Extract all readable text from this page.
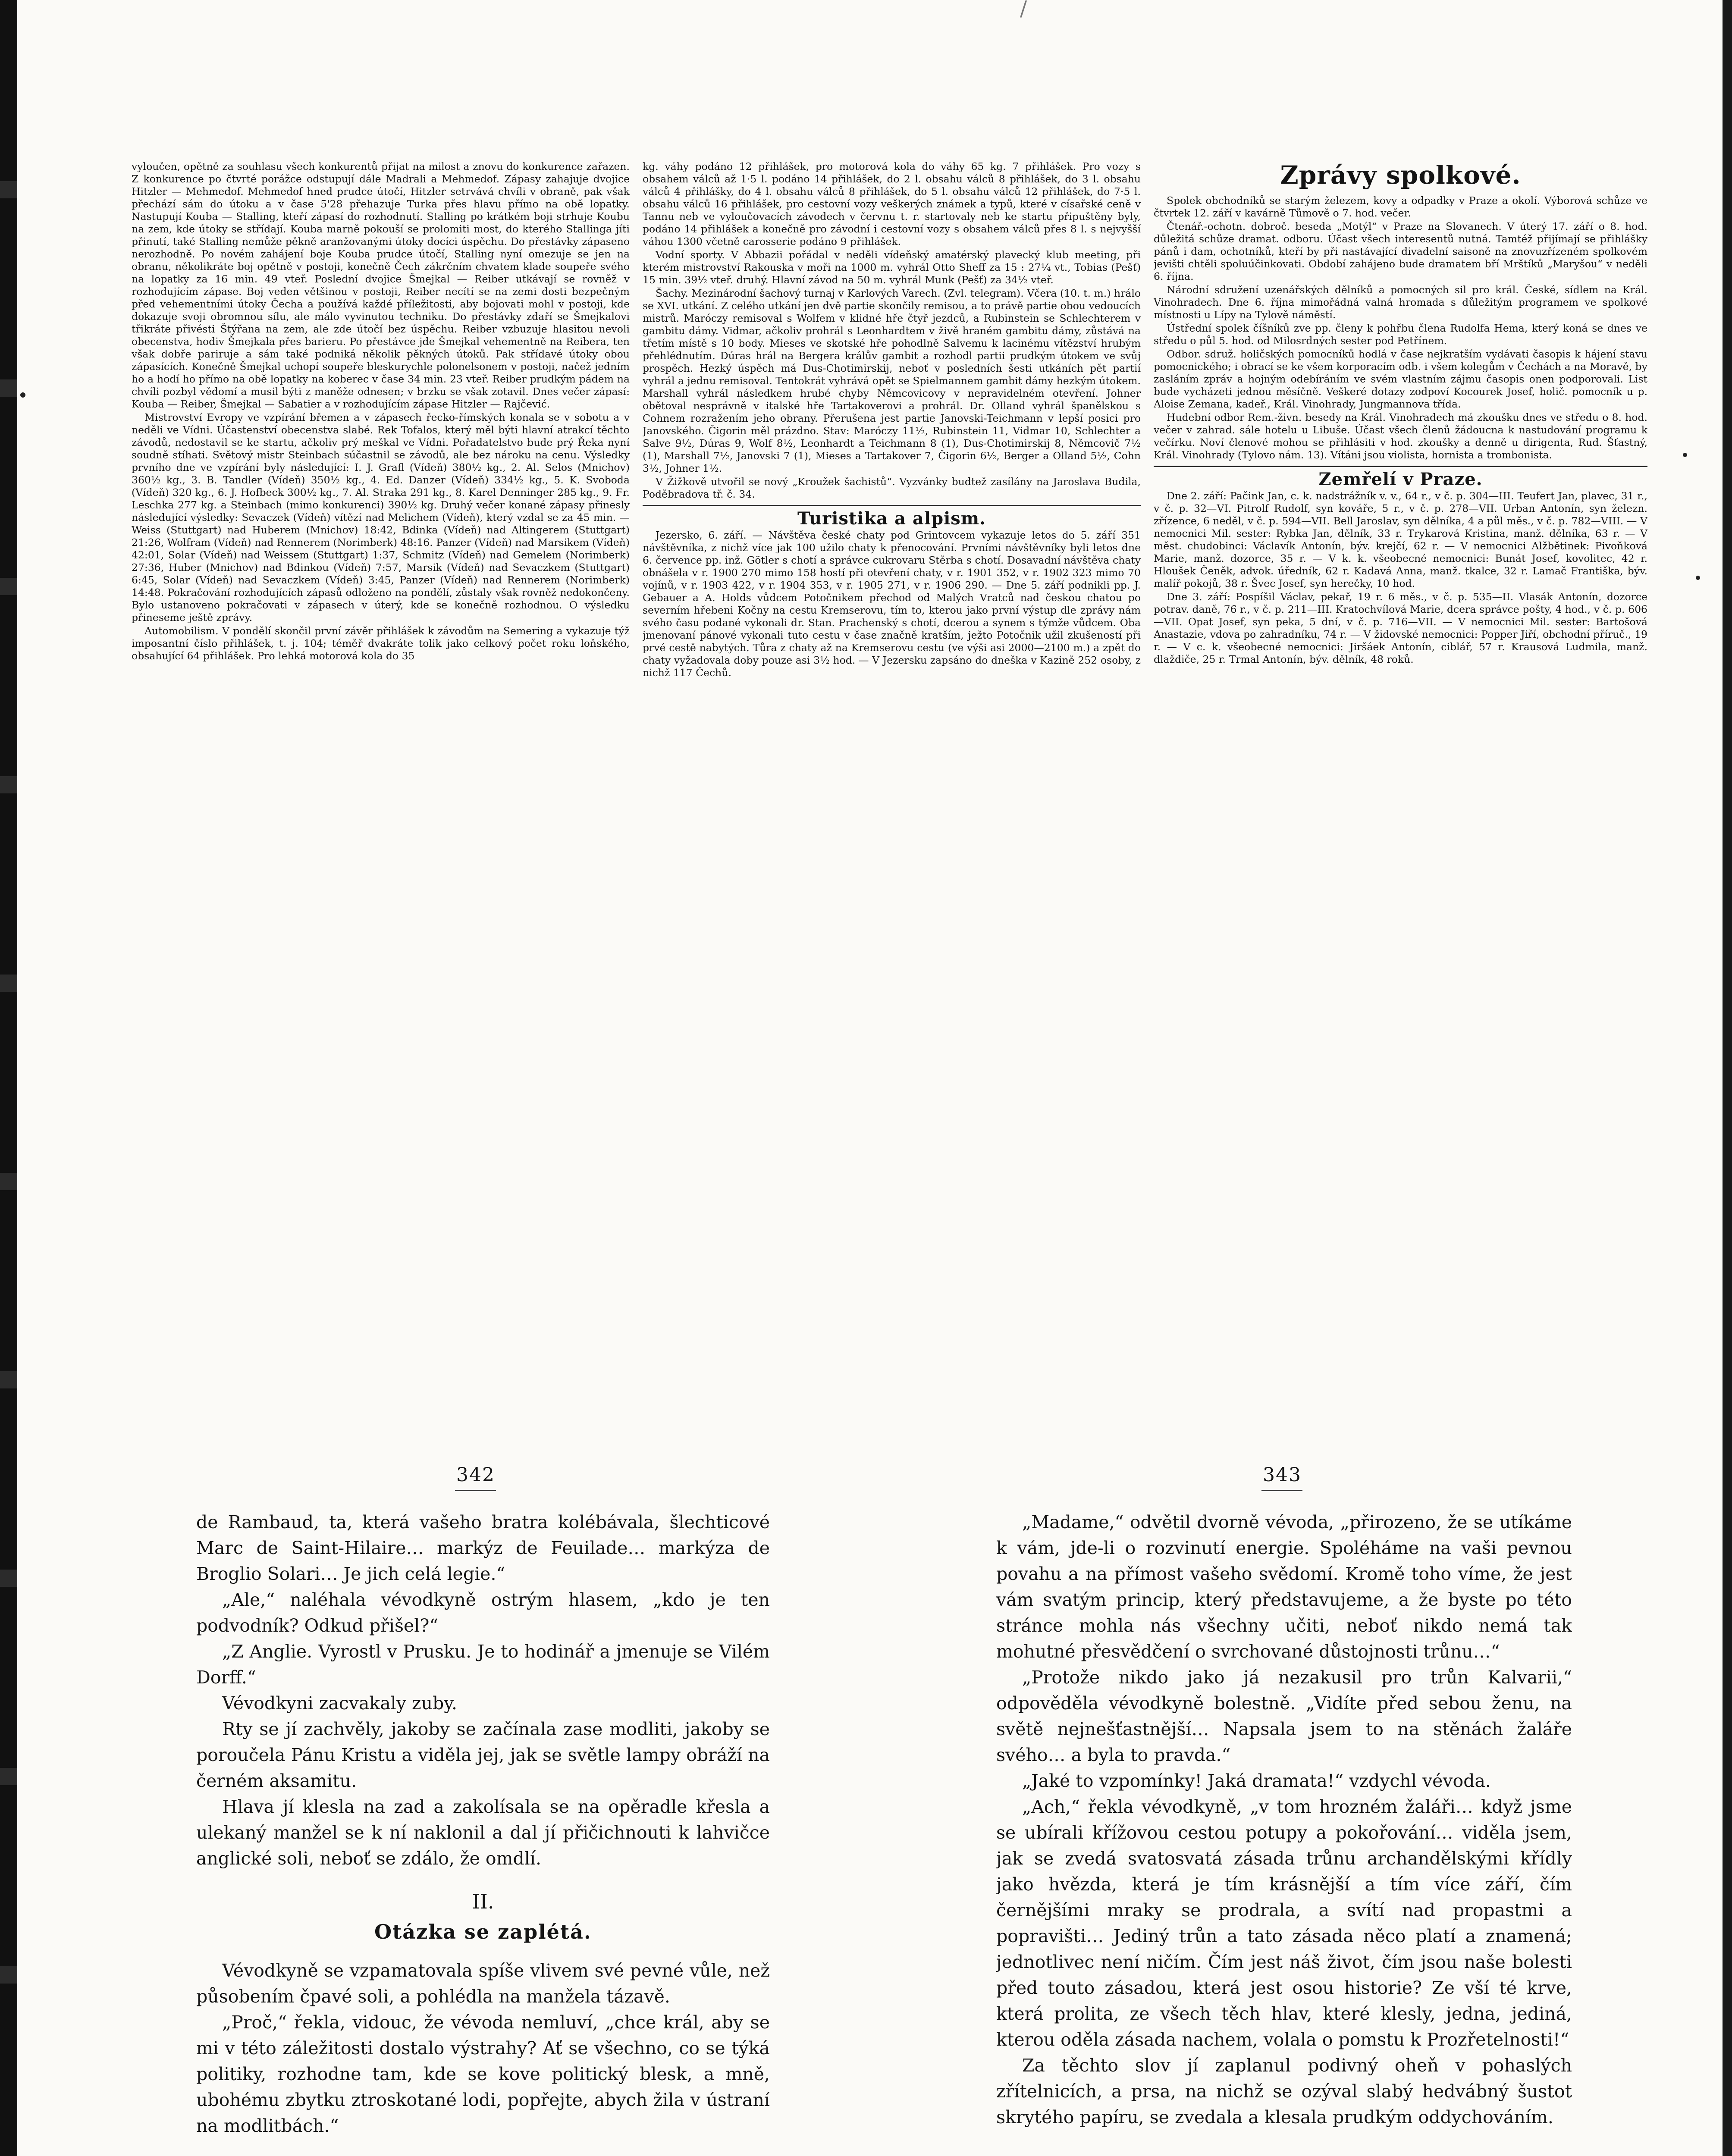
/

vyloučen, opětně za souhlasu všech konkurentů přijat na milost a znovu do konkurence zařazen. Z konkurence po čtvrté porážce odstupují dále Madrali a Mehmedof. Zápasy zahajuje dvojice Hitzler — Mehmedof. Mehmedof hned prudce útočí, Hitzler setrvává chvíli v obraně, pak však přechází sám do útoku a v čase 5'28 přehazuje Turka přes hlavu přímo na obě lopatky. Nastupují Kouba — Stalling, kteří zápasí do rozhodnutí. Stalling po krátkém boji strhuje Koubu na zem, kde útoky se střídají. Kouba marně pokouší se prolomiti most, do kterého Stallinga jíti přinutí, také Stalling nemůže pěkně aranžovanými útoky docíci úspěchu. Do přestávky zápaseno nerozhodně. Po novém zahájení boje Kouba prudce útočí, Stalling nyní omezuje se jen na obranu, několikráte boj opětně v postoji, konečně Čech zákrčním chvatem klade soupeře svého na lopatky za 16 min. 49 vteř. Poslední dvojice Šmejkal — Reiber utkávají se rovněž v rozhodujícím zápase. Boj veden většinou v postoji, Reiber necítí se na zemi dosti bezpečným před vehementními útoky Čecha a používá každé příležitosti, aby bojovati mohl v postoji, kde dokazuje svoji obromnou sílu, ale málo vyvinutou techniku. Do přestávky zdaří se Šmejkalovi třikráte přivésti Štýřana na zem, ale zde útočí bez úspěchu. Reiber vzbuzuje hlasitou nevoli obecenstva, hodiv Šmejkala přes barieru. Po přestávce jde Šmejkal vehementně na Reibera, ten však dobře pariruje a sám také podniká několik pěkných útoků. Pak střídavé útoky obou zápasících. Konečně Šmejkal uchopí soupeře bleskurychle polonelsonem v postoji, načež jedním ho a hodí ho přímo na obě lopatky na koberec v čase 34 min. 23 vteř. Reiber prudkým pádem na chvíli pozbyl vědomí a musil býti z maněže odnesen; v brzku se však zotavil. Dnes večer zápasí: Kouba — Reiber, Šmejkal — Sabatier a v rozhodujícím zápase Hitzler — Rajčević.

Mistrovství Evropy ve vzpírání břemen a v zápasech řecko-římských konala se v sobotu a v neděli ve Vídni. Účastenství obecenstva slabé. Rek Tofalos, který měl býti hlavní atrakcí těchto závodů, nedostavil se ke startu, ačkoliv prý meškal ve Vídni. Pořadatelstvo bude prý Řeka nyní soudně stíhati. Světový mistr Steinbach súčastnil se závodů, ale bez nároku na cenu. Výsledky prvního dne ve vzpírání byly následující: I. J. Grafl (Vídeň) 380⅟₂ kg., 2. Al. Selos (Mnichov) 360⅟₂ kg., 3. B. Tandler (Vídeň) 350⅟₂ kg., 4. Ed. Danzer (Vídeň) 334⅟₂ kg., 5. K. Svoboda (Vídeň) 320 kg., 6. J. Hofbeck 300⅟₂ kg., 7. Al. Straka 291 kg., 8. Karel Denninger 285 kg., 9. Fr. Leschka 277 kg. a Steinbach (mimo konkurenci) 390⅟₂ kg. Druhý večer konané zápasy přinesly následující výsledky: Sevaczek (Vídeň) vítězí nad Melichem (Vídeň), který vzdal se za 45 min. — Weiss (Stuttgart) nad Huberem (Mnichov) 18:42, Bdinka (Vídeň) nad Altingerem (Stuttgart) 21:26, Wolfram (Vídeň) nad Rennerem (Norimberk) 48:16. Panzer (Vídeň) nad Marsikem (Vídeň) 42:01, Solar (Vídeň) nad Weissem (Stuttgart) 1:37, Schmitz (Vídeň) nad Gemelem (Norimberk) 27:36, Huber (Mnichov) nad Bdinkou (Vídeň) 7:57, Marsik (Vídeň) nad Sevaczkem (Stuttgart) 6:45, Solar (Vídeň) nad Sevaczkem (Vídeň) 3:45, Panzer (Vídeň) nad Rennerem (Norimberk) 14:48. Pokračování rozhodujících zápasů odloženo na pondělí, zůstaly však rovněž nedokončeny. Bylo ustanoveno pokračovati v zápasech v úterý, kde se konečně rozhodnou. O výsledku přineseme ještě zprávy.

Automobilism. V pondělí skončil první závěr přihlášek k závodům na Semering a vykazuje týž imposantní číslo přihlášek, t. j. 104; téměř dvakráte tolik jako celkový počet roku loňského, obsahující 64 přihlášek. Pro lehká motorová kola do 35

kg. váhy podáno 12 přihlášek, pro motorová kola do váhy 65 kg. 7 přihlášek. Pro vozy s obsahem válců až 1·5 l. podáno 14 přihlášek, do 2 l. obsahu válců 8 přihlášek, do 3 l. obsahu válců 4 přihlášky, do 4 l. obsahu válců 8 přihlášek, do 5 l. obsahu válců 12 přihlášek, do 7·5 l. obsahu válců 16 přihlášek, pro cestovní vozy veškerých známek a typů, které v císařské ceně v Tannu neb ve vyloučovacích závodech v červnu t. r. startovaly neb ke startu připuštěny byly, podáno 14 přihlášek a konečně pro závodní i cestovní vozy s obsahem válců přes 8 l. s nejvyšší váhou 1300 včetně carosserie podáno 9 přihlášek.

Vodní sporty. V Abbazii pořádal v neděli vídeňský amatérský plavecký klub meeting, při kterém mistrovství Rakouska v moři na 1000 m. vyhrál Otto Sheff za 15 : 27⅟₄ vt., Tobias (Pešť) 15 min. 39⅟₂ vteř. druhý. Hlavní závod na 50 m. vyhrál Munk (Pešť) za 34⅟₂ vteř.

Šachy. Mezinárodní šachový turnaj v Karlových Varech. (Zvl. telegram). Včera (10. t. m.) hrálo se XVI. utkání. Z celého utkání jen dvě partie skončily remisou, a to právě partie obou vedoucích mistrů. Maróczy remisoval s Wolfem v klidné hře čtyř jezdců, a Rubinstein se Schlechterem v gambitu dámy. Vidmar, ačkoliv prohrál s Leonhardtem v živě hraném gambitu dámy, zůstává na třetím místě s 10 body. Mieses ve skotské hře pohodlně Salvemu k lacinému vítězství hrubým přehlédnutím. Dúras hrál na Bergera králův gambit a rozhodl partii prudkým útokem ve svůj prospěch. Hezký úspěch má Dus-Chotimirskij, neboť v posledních šesti utkáních pět partií vyhrál a jednu remisoval. Tentokrát vyhrává opět se Spielmannem gambit dámy hezkým útokem. Marshall vyhrál následkem hrubé chyby Němcovicovy v nepravidelném otevření. Johner obětoval nesprávně v italské hře Tartakoverovi a prohrál. Dr. Olland vyhrál španělskou s Cohnem rozražením jeho obrany. Přerušena jest partie Janovski-Teichmann v lepší posici pro Janovského. Čigorin měl prázdno. Stav: Maróczy 11⅟₂, Rubinstein 11, Vidmar 10, Schlechter a Salve 9⅟₂, Dúras 9, Wolf 8⅟₂, Leonhardt a Teichmann 8 (1), Dus-Chotimirskij 8, Němcovič 7⅟₂ (1), Marshall 7⅟₂, Janovski 7 (1), Mieses a Tartakover 7, Čigorin 6⅟₂, Berger a Olland 5⅟₂, Cohn 3⅟₂, Johner 1⅟₂.

V Žižkově utvořil se nový „Kroužek šachistů“. Vyzvánky budtež zasílány na Jaroslava Budila, Poděbradova tř. č. 34.

Turistika a alpism.

Jezersko, 6. září. — Návštěva české chaty pod Grintovcem vykazuje letos do 5. září 351 návštěvníka, z nichž více jak 100 užilo chaty k přenocování. Prvními návštěvníky byli letos dne 6. července pp. inž. Götler s chotí a správce cukrovaru Stěrba s chotí. Dosavadní návštěva chaty obnášela v r. 1900 270 mimo 158 hostí při otevření chaty, v r. 1901 352, v r. 1902 323 mimo 70 vojínů, v r. 1903 422, v r. 1904 353, v r. 1905 271, v r. 1906 290. — Dne 5. září podnikli pp. J. Gebauer a A. Holds vůdcem Potočnikem přechod od Malých Vratců nad českou chatou po severním hřebeni Kočny na cestu Kremserovu, tím to, kterou jako první výstup dle zprávy nám svého času podané vykonali dr. Stan. Prachenský s chotí, dcerou a synem s týmže vůdcem. Oba jmenovaní pánové vykonali tuto cestu v čase značně kratším, ježto Potočnik užil zkušeností při prvé cestě nabytých. Tůra z chaty až na Kremserovu cestu (ve výši asi 2000—2100 m.) a zpět do chaty vyžadovala doby pouze asi 3⅟₂ hod. — V Jezersku zapsáno do dneška v Kazině 252 osoby, z nichž 117 Čechů.

Zprávy spolkové.

Spolek obchodníků se starým železem, kovy a odpadky v Praze a okolí. Výborová schůze ve čtvrtek 12. září v kavárně Tůmově o 7. hod. večer.

Čtenář.-ochotn. dobroč. beseda „Motýl“ v Praze na Slovanech. V úterý 17. září o 8. hod. důležitá schůze dramat. odboru. Účast všech interesentů nutná. Tamtéž přijímají se přihlášky pánů i dam, ochotníků, kteří by při nastávající divadelní saisoně na znovuzřízeném spolkovém jevišti chtěli spoluúčinkovati. Období zahájeno bude dramatem bří Mrštíků „Maryšou“ v neděli 6. října.

Národní sdružení uzenářských dělníků a pomocných sil pro král. České, sídlem na Král. Vinohradech. Dne 6. října mimořádná valná hromada s důležitým programem ve spolkové místnosti u Lípy na Tylově náměstí.

Ústřední spolek číšníků zve pp. členy k pohřbu člena Rudolfa Hema, který koná se dnes ve středu o půl 5. hod. od Milosrdných sester pod Petřínem.

Odbor. sdruž. holičských pomocníků hodlá v čase nejkratším vydávati časopis k hájení stavu pomocnického; i obrací se ke všem korporacím odb. i všem kolegům v Čechách a na Moravě, by zasláním zpráv a hojným odebíráním ve svém vlastním zájmu časopis onen podporovali. List bude vycházeti jednou měsíčně. Veškeré dotazy zodpoví Kocourek Josef, holič. pomocník u p. Aloise Zemana, kadeř., Král. Vinohrady, Jungmannova třída.

Hudební odbor Rem.-živn. besedy na Král. Vinohradech má zkoušku dnes ve středu o 8. hod. večer v zahrad. sále hotelu u Libuše. Účast všech členů žádoucna k nastudování programu k večírku. Noví členové mohou se přihlásiti v hod. zkoušky a denně u dirigenta, Rud. Šťastný, Král. Vinohrady (Tylovo nám. 13). Vítáni jsou violista, hornista a trombonista.

Zemřelí v Praze.

Dne 2. září: Pačink Jan, c. k. nadstrážník v. v., 64 r., v č. p. 304—III. Teufert Jan, plavec, 31 r., v č. p. 32—VI. Pitrolf Rudolf, syn kováře, 5 r., v č. p. 278—VII. Urban Antonín, syn železn. zřízence, 6 neděl, v č. p. 594—VII. Bell Jaroslav, syn dělníka, 4 a půl měs., v č. p. 782—VIII. — V nemocnici Mil. sester: Rybka Jan, dělník, 33 r. Trykarová Kristina, manž. dělníka, 63 r. — V měst. chudobinci: Václavík Antonín, býv. krejčí, 62 r. — V nemocnici Alžbětinek: Pivoňková Marie, manž. dozorce, 35 r. — V k. k. všeobecné nemocnici: Bunát Josef, kovolitec, 42 r. Hloušek Čeněk, advok. úředník, 62 r. Kadavá Anna, manž. tkalce, 32 r. Lamač Františka, býv. malíř pokojů, 38 r. Švec Josef, syn herečky, 10 hod.

Dne 3. září: Pospíšil Václav, pekař, 19 r. 6 měs., v č. p. 535—II. Vlasák Antonín, dozorce potrav. daně, 76 r., v č. p. 211—III. Kratochvílová Marie, dcera správce pošty, 4 hod., v č. p. 606—VII. Opat Josef, syn peka, 5 dní, v č. p. 716—VII. — V nemocnici Mil. sester: Bartošová Anastazie, vdova po zahradníku, 74 r. — V židovské nemocnici: Popper Jiří, obchodní příruč., 19 r. — V c. k. všeobecné nemocnici: Jiršáek Antonín, ciblář, 57 r. Krausová Ludmila, manž. dlaždiče, 25 r. Trmal Antonín, býv. dělník, 48 roků.

342	343

de Rambaud, ta, která vašeho bratra kolébávala, šlechticové Marc de Saint-Hilaire… markýz de Feuilade… markýza de Broglio Solari… Je jich celá legie.“

„Ale,“ naléhala vévodkyně ostrým hlasem, „kdo je ten podvodník? Odkud přišel?“

„Z Anglie. Vyrostl v Prusku. Je to hodinář a jmenuje se Vilém Dorff.“

Vévodkyni zacvakaly zuby.

Rty se jí zachvěly, jakoby se začínala zase modliti, jakoby se poroučela Pánu Kristu a viděla jej, jak se světle lampy obráží na černém aksamitu.

Hlava jí klesla na zad a zakolísala se na opěradle křesla a ulekaný manžel se k ní naklonil a dal jí přičichnouti k lahvičce anglické soli, neboť se zdálo, že omdlí.

II.
Otázka se zaplétá.

Vévodkyně se vzpamatovala spíše vlivem své pevné vůle, než působením čpavé soli, a pohlédla na manžela tázavě.

„Proč,“ řekla, vidouc, že vévoda nemluví, „chce král, aby se mi v této záležitosti dostalo výstrahy? Ať se všechno, co se týká politiky, rozhodne tam, kde se kove politický blesk, a mně, ubohému zbytku ztroskotané lodi, popřejte, abych žila v ústraní na modlitbách.“

„Madame,“ odvětil dvorně vévoda, „přirozeno, že se utíkáme k vám, jde-li o rozvinutí energie. Spoléháme na vaši pevnou povahu a na přímost vašeho svědomí. Kromě toho víme, že jest vám svatým princip, který představujeme, a že byste po této stránce mohla nás všechny učiti, neboť nikdo nemá tak mohutné přesvědčení o svrchované důstojnosti trůnu…“

„Protože nikdo jako já nezakusil pro trůn Kalvarii,“ odpověděla vévodkyně bolestně. „Vidíte před sebou ženu, na světě nejnešťastnější… Napsala jsem to na stěnách žaláře svého… a byla to pravda.“

„Jaké to vzpomínky! Jaká dramata!“ vzdychl vévoda.

„Ach,“ řekla vévodkyně, „v tom hrozném žaláři… když jsme se ubírali křížovou cestou potupy a pokořování… viděla jsem, jak se zvedá svatosvatá zásada trůnu archandělskými křídly jako hvězda, která je tím krásnější a tím více září, čím černějšími mraky se prodrala, a svítí nad propastmi a popravišti… Jediný trůn a tato zásada něco platí a znamená; jednotlivec není ničím. Čím jest náš život, čím jsou naše bolesti před touto zásadou, která jest osou historie? Ze vší té krve, která prolita, ze všech těch hlav, které klesly, jedna, jediná, kterou oděla zásada nachem, volala o pomstu k Prozřetelnosti!“

Za těchto slov jí zaplanul podivný oheň v pohaslých zřítelnicích, a prsa, na nichž se ozýval slabý hedvábný šustot skrytého papíru, se zvedala a klesala prudkým oddychováním.
